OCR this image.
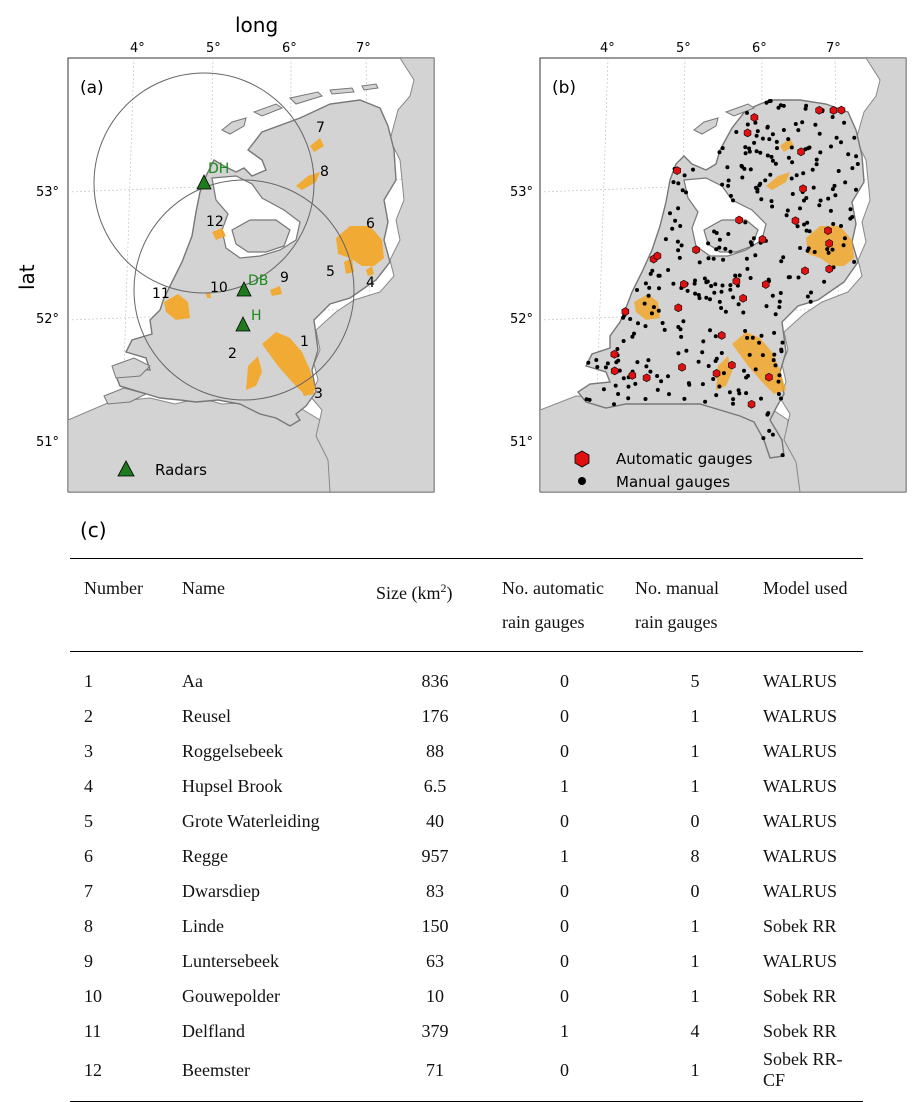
DH
DB
H
1
2
3
4
5
6
7
8
9
10
11
12
(a)
long
lat
4°	5°	6°	7°
53°
52°
51°
Radars
(b)
4°	5°	6°	7°
53°
52°
51°
Automatic gauges
Manual gauges
(c)
Number	Name	Size $(km^2)$	No. automatic
rain gauges	No. manual
rain gauges	Model used
1	Aa	836	0	5	WALRUS
2	Reusel	176	0	1	WALRUS
3	Roggelsebeek	88	0	1	WALRUS
4	Hupsel Brook	6.5	1	1	WALRUS
5	Grote Waterleiding	40	0	0	WALRUS
6	Regge	957	1	8	WALRUS
7	Dwarsdiep	83	0	0	WALRUS
8	Linde	150	0	1	Sobek RR
9	Luntersebeek	63	0	1	WALRUS
10	Gouwepolder	10	0	1	Sobek RR
11	Delfland	379	1	4	Sobek RR
12	Beemster	71	0	1	Sobek RR-CF
